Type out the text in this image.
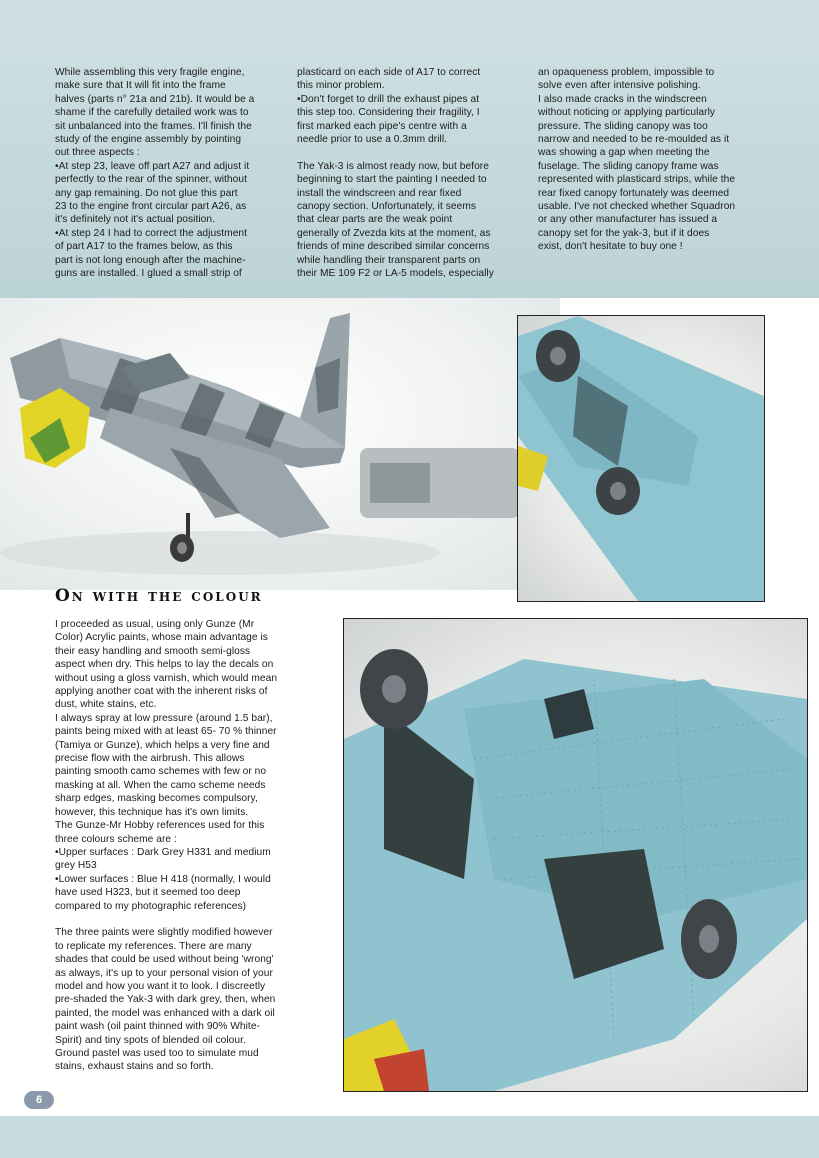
While assembling this very fragile engine,
make sure that It will fit into the frame
halves (parts n° 21a and 21b). It would be a
shame if the carefully detailed work was to
sit unbalanced into the frames. I'll finish the
study of the engine assembly by pointing
out three aspects :
•At step 23, leave off part A27 and adjust it
perfectly to the rear of the spinner, without
any gap remaining. Do not glue this part
23 to the engine front circular part A26, as
it's definitely not it's actual position.
•At step 24 I had to correct the adjustment
of part A17 to the frames below, as this
part is not long enough after the machine-
guns are installed. I glued a small strip of
plasticard on each side of A17 to correct
this minor problem.
•Don't forget to drill the exhaust pipes at
this step too. Considering their fragility, I
first marked each pipe's centre with a
needle prior to use a 0.3mm drill.

The Yak-3 is almost ready now, but before
beginning to start the painting I needed to
install the windscreen and rear fixed
canopy section. Unfortunately, it seems
that clear parts are the weak point
generally of Zvezda kits at the moment, as
friends of mine described similar concerns
while handling their transparent parts on
their ME 109 F2 or LA-5 models, especially
an opaqueness problem, impossible to
solve even after intensive polishing.
I also made cracks in the windscreen
without noticing or applying particularly
pressure. The sliding canopy was too
narrow and needed to be re-moulded as it
was showing a gap when meeting the
fuselage. The sliding canopy frame was
represented with plasticard strips, while the
rear fixed canopy fortunately was deemed
usable. I've not checked whether Squadron
or any other manufacturer has issued a
canopy set for the yak-3, but if it does
exist, don't hesitate to buy one !
On with the colour
I proceeded as usual, using only Gunze (Mr
Color) Acrylic paints, whose main advantage is
their easy handling and smooth semi-gloss
aspect when dry. This helps to lay the decals on
without using a gloss varnish, which would mean
applying another coat with the inherent risks of
dust, white stains, etc.
I always spray at low pressure (around 1.5 bar),
paints being mixed with at least 65- 70 % thinner
(Tamiya or Gunze), which helps a very fine and
precise flow with the airbrush. This allows
painting smooth camo schemes with few or no
masking at all. When the camo scheme needs
sharp edges, masking becomes compulsory,
however, this technique has it's own limits.
The Gunze-Mr Hobby references used for this
three colours scheme are :
•Upper surfaces : Dark Grey H331 and medium
grey H53
•Lower surfaces : Blue H 418 (normally, I would
have used H323, but it seemed too deep
compared to my photographic references)

The three paints were slightly modified however
to replicate my references. There are many
shades that could be used without being 'wrong'
as always, it's up to your personal vision of your
model and how you want it to look. I discreetly
pre-shaded the Yak-3 with dark grey, then, when
painted, the model was enhanced with a dark oil
paint wash (oil paint thinned with 90% White-
Spirit) and tiny spots of blended oil colour.
Ground pastel was used too to simulate mud
stains, exhaust stains and so forth.
6
